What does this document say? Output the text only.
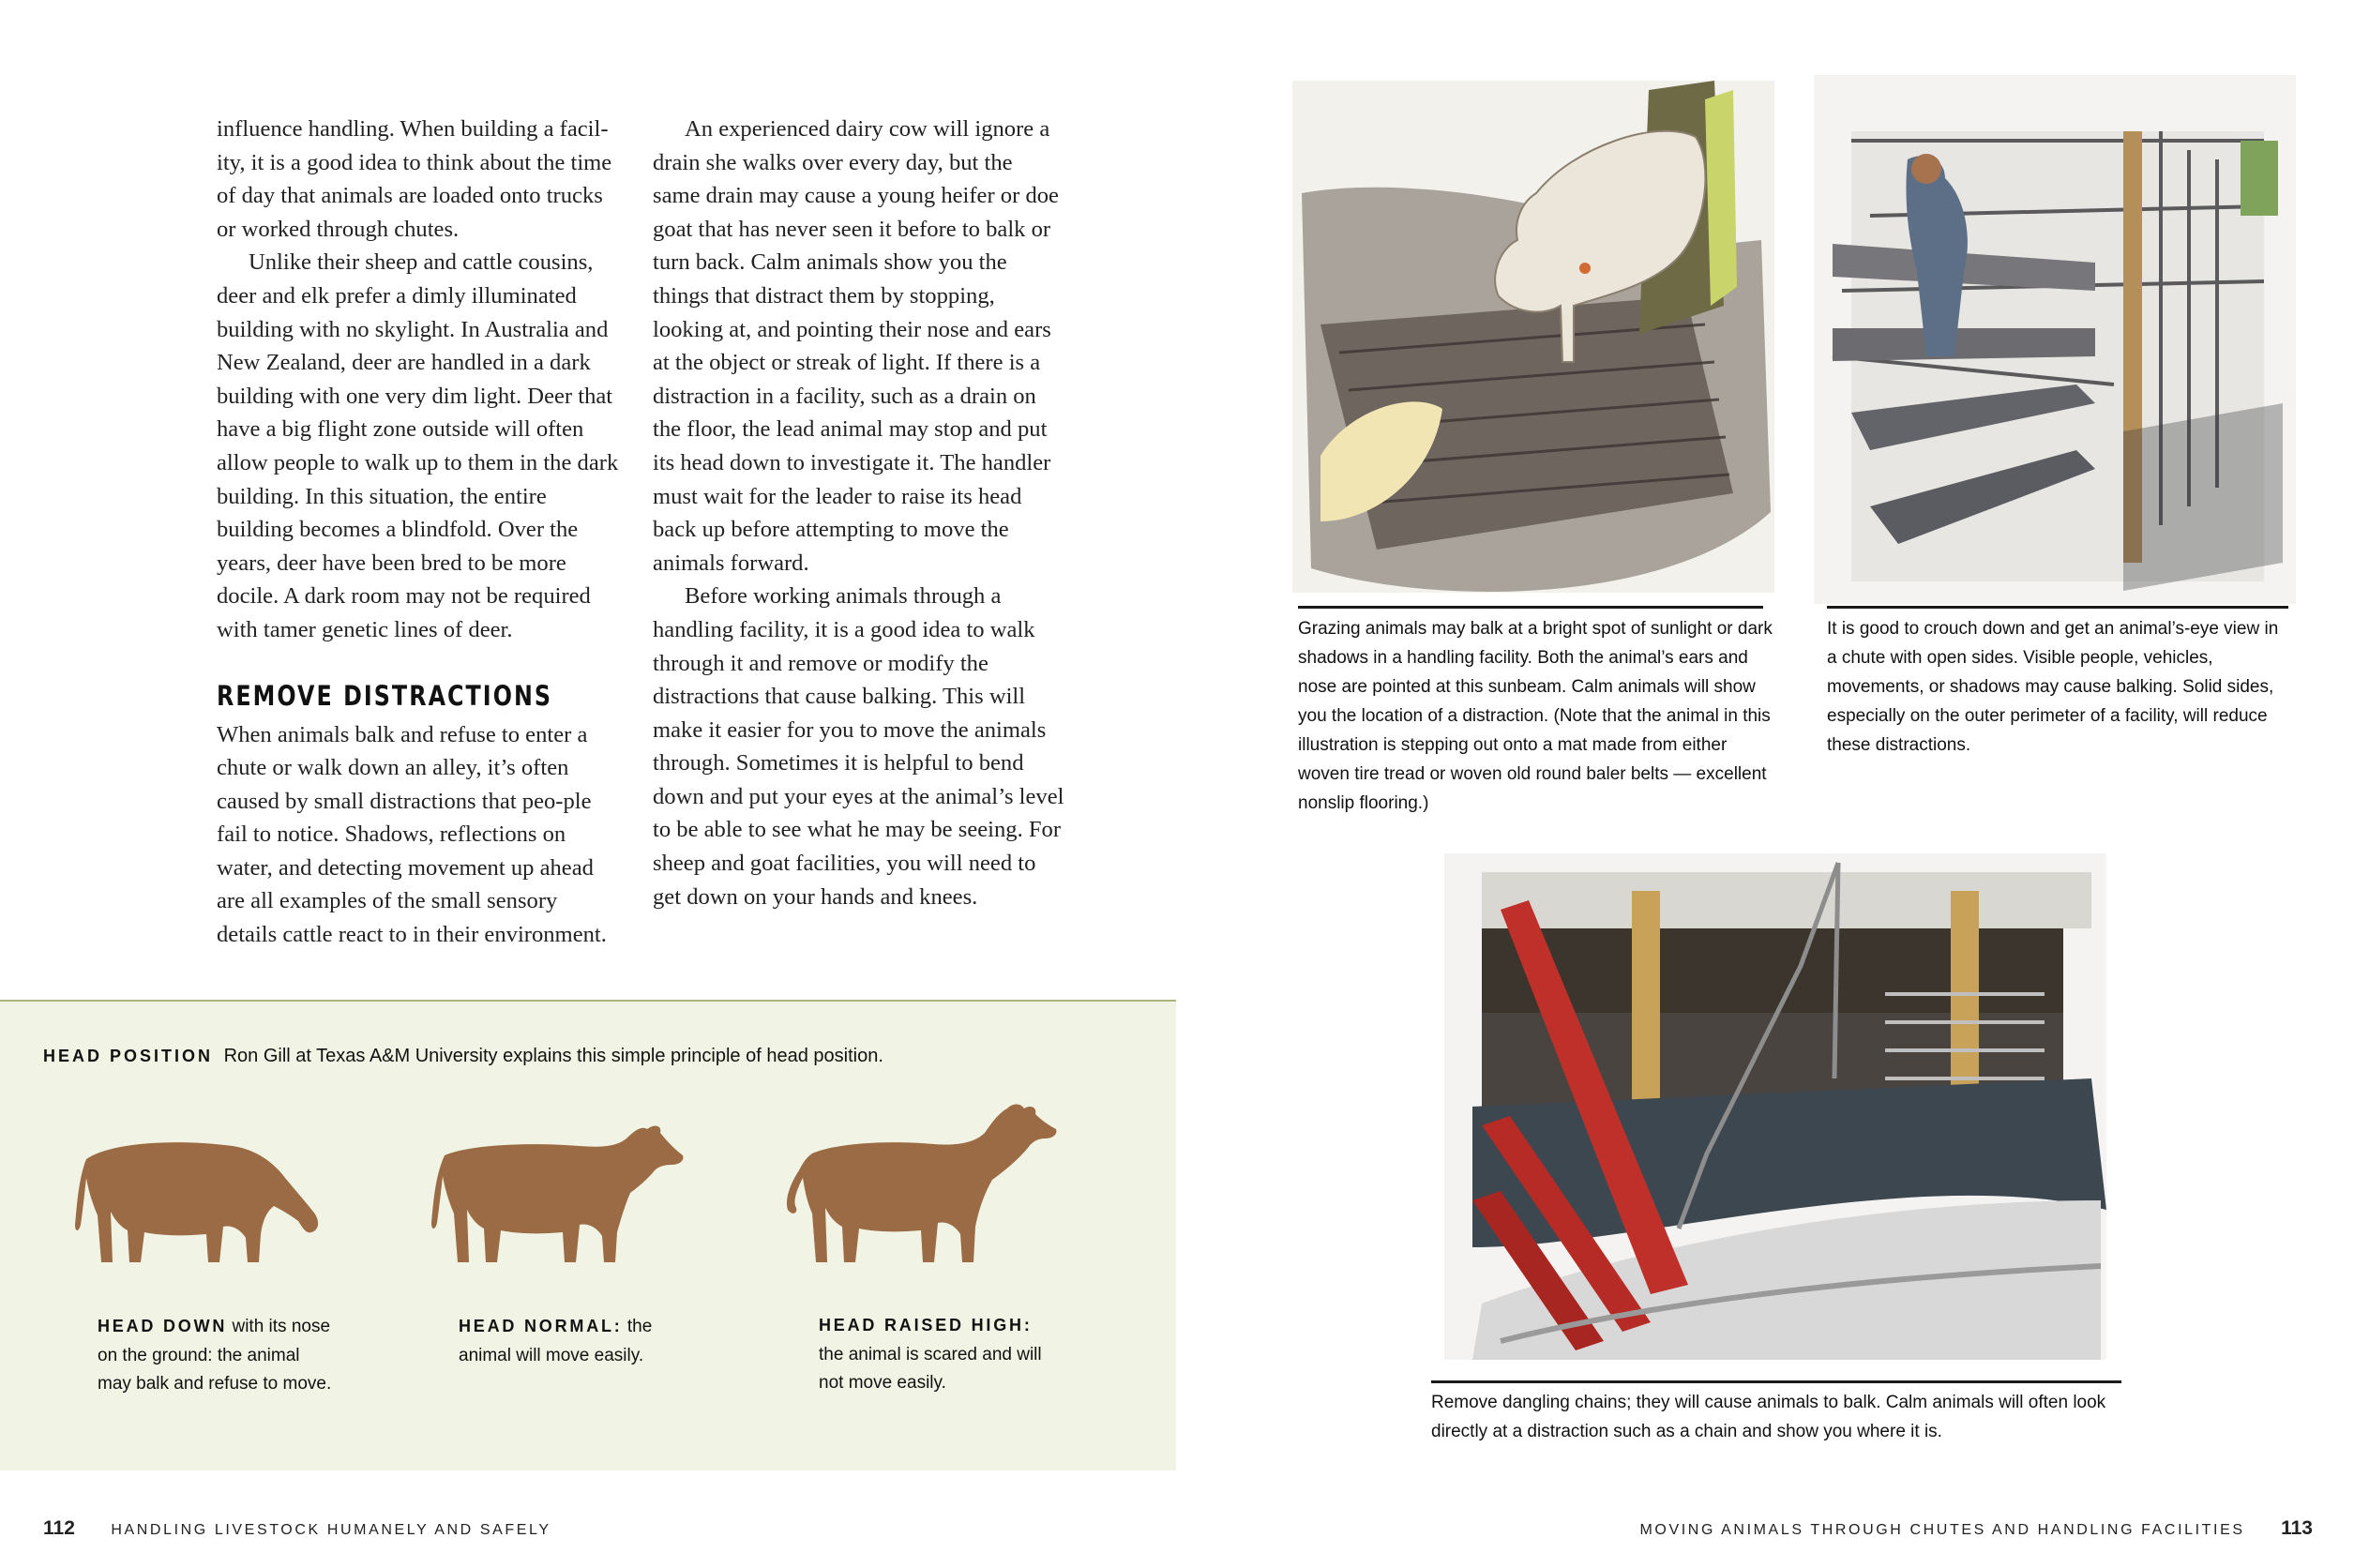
influence handling. When building a facil-ity, it is a good idea to think about the time of day that animals are loaded onto trucks or worked through chutes.

Unlike their sheep and cattle cousins, deer and elk prefer a dimly illuminated building with no skylight. In Australia and New Zealand, deer are handled in a dark building with one very dim light. Deer that have a big flight zone outside will often allow people to walk up to them in the dark building. In this situation, the entire building becomes a blindfold. Over the years, deer have been bred to be more docile. A dark room may not be required with tamer genetic lines of deer.

REMOVE DISTRACTIONS

When animals balk and refuse to enter a chute or walk down an alley, it’s often caused by small distractions that peo-ple fail to notice. Shadows, reflections on water, and detecting movement up ahead are all examples of the small sensory details cattle react to in their environment.

An experienced dairy cow will ignore a drain she walks over every day, but the same drain may cause a young heifer or doe goat that has never seen it before to balk or turn back. Calm animals show you the things that distract them by stopping, looking at, and pointing their nose and ears at the object or streak of light. If there is a distraction in a facility, such as a drain on the floor, the lead animal may stop and put its head down to investigate it. The handler must wait for the leader to raise its head back up before attempting to move the animals forward.

Before working animals through a handling facility, it is a good idea to walk through it and remove or modify the distractions that cause balking. This will make it easier for you to move the animals through. Sometimes it is helpful to bend down and put your eyes at the animal’s level to be able to see what he may be seeing. For sheep and goat facilities, you will need to get down on your hands and knees.

HEAD POSITION Ron Gill at Texas A&M University explains this simple principle of head position.
HEAD DOWN with its nose on the ground: the animal may balk and refuse to move.
HEAD NORMAL: the animal will move easily.
HEAD RAISED HIGH: the animal is scared and will not move easily.
Grazing animals may balk at a bright spot of sunlight or dark shadows in a handling facility. Both the animal’s ears and nose are pointed at this sunbeam. Calm animals will show you the location of a distraction. (Note that the animal in this illustration is stepping out onto a mat made from either woven tire tread or woven old round baler belts — excellent nonslip flooring.)
It is good to crouch down and get an animal’s-eye view in a chute with open sides. Visible people, vehicles, movements, or shadows may cause balking. Solid sides, especially on the outer perimeter of a facility, will reduce these distractions.
Remove dangling chains; they will cause animals to balk. Calm animals will often look directly at a distraction such as a chain and show you where it is.
112 HANDLING LIVESTOCK HUMANELY AND SAFELY	MOVING ANIMALS THROUGH CHUTES AND HANDLING FACILITIES 113
